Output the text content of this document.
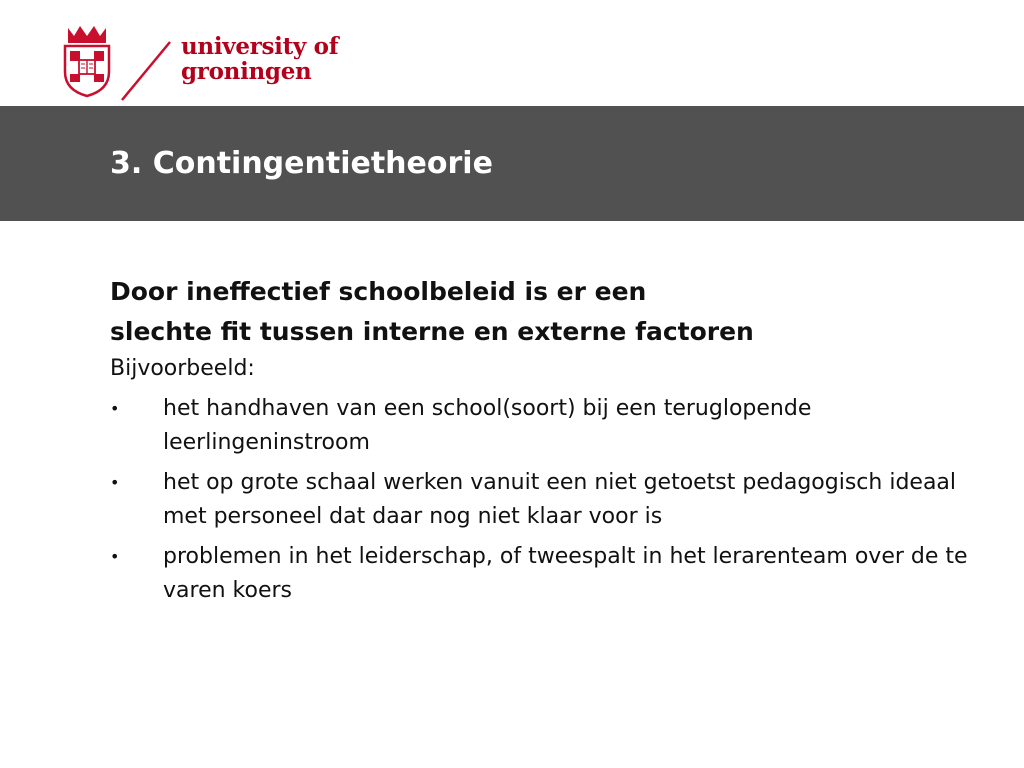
university of
groningen
3. Contingentietheorie

Door ineffectief schoolbeleid is er een

slechte fit tussen interne en externe factoren

Bijvoorbeeld:

• het handhaven van een school(soort) bij een teruglopende leerlingeninstroom
• het op grote schaal werken vanuit een niet getoetst pedagogisch ideaal met personeel dat daar nog niet klaar voor is
• problemen in het leiderschap, of tweespalt in het lerarenteam over de te varen koers
